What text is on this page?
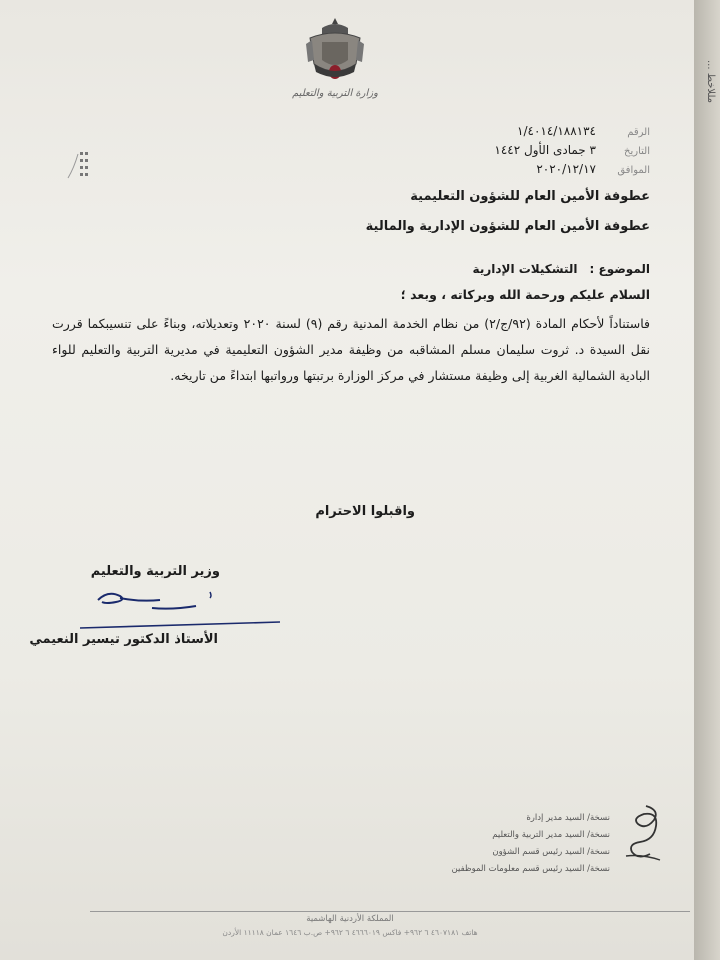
وزارة التربية والتعليم
الرقم
١/٤٠١٤/١٨٨١٣٤
التاريخ
٣ جمادى الأول ١٤٤٢
الموافق
٢٠٢٠/١٢/١٧
عطوفة الأمين العام للشؤون التعليمية
عطوفة الأمين العام للشؤون الإدارية والمالية
الموضوع :
التشكيلات الإدارية
السلام عليكم ورحمة الله وبركاته ، وبعد ؛
فاستناداً لأحكام المادة (٩٢/ج/٢) من نظام الخدمة المدنية رقم (٩) لسنة ٢٠٢٠ وتعديلاته، وبناءً على تنسيبكما قررت نقل السيدة د. ثروت سليمان مسلم المشاقبه من وظيفة مدير الشؤون التعليمية في مديرية التربية والتعليم للواء البادية الشمالية الغربية إلى وظيفة مستشار في مركز الوزارة برتبتها ورواتبها ابتداءً من تاريخه.
واقبلوا الاحترام
وزير التربية والتعليم
الأستاذ الدكتور تيسير النعيمي
نسخة/ السيد مدير إدارة
نسخة/ السيد مدير التربية والتعليم
نسخة/ السيد رئيس قسم الشؤون
نسخة/ السيد رئيس قسم معلومات الموظفين
المملكة الأردنية الهاشمية
هاتف ٤٦٠٧١٨١ ٦ ٩٦٢+ فاكس ٤٦٦٦٠١٩ ٦ ٩٦٢+ ص.ب ١٦٤٦ عمان ١١١١٨ الأردن
... مللاخط
